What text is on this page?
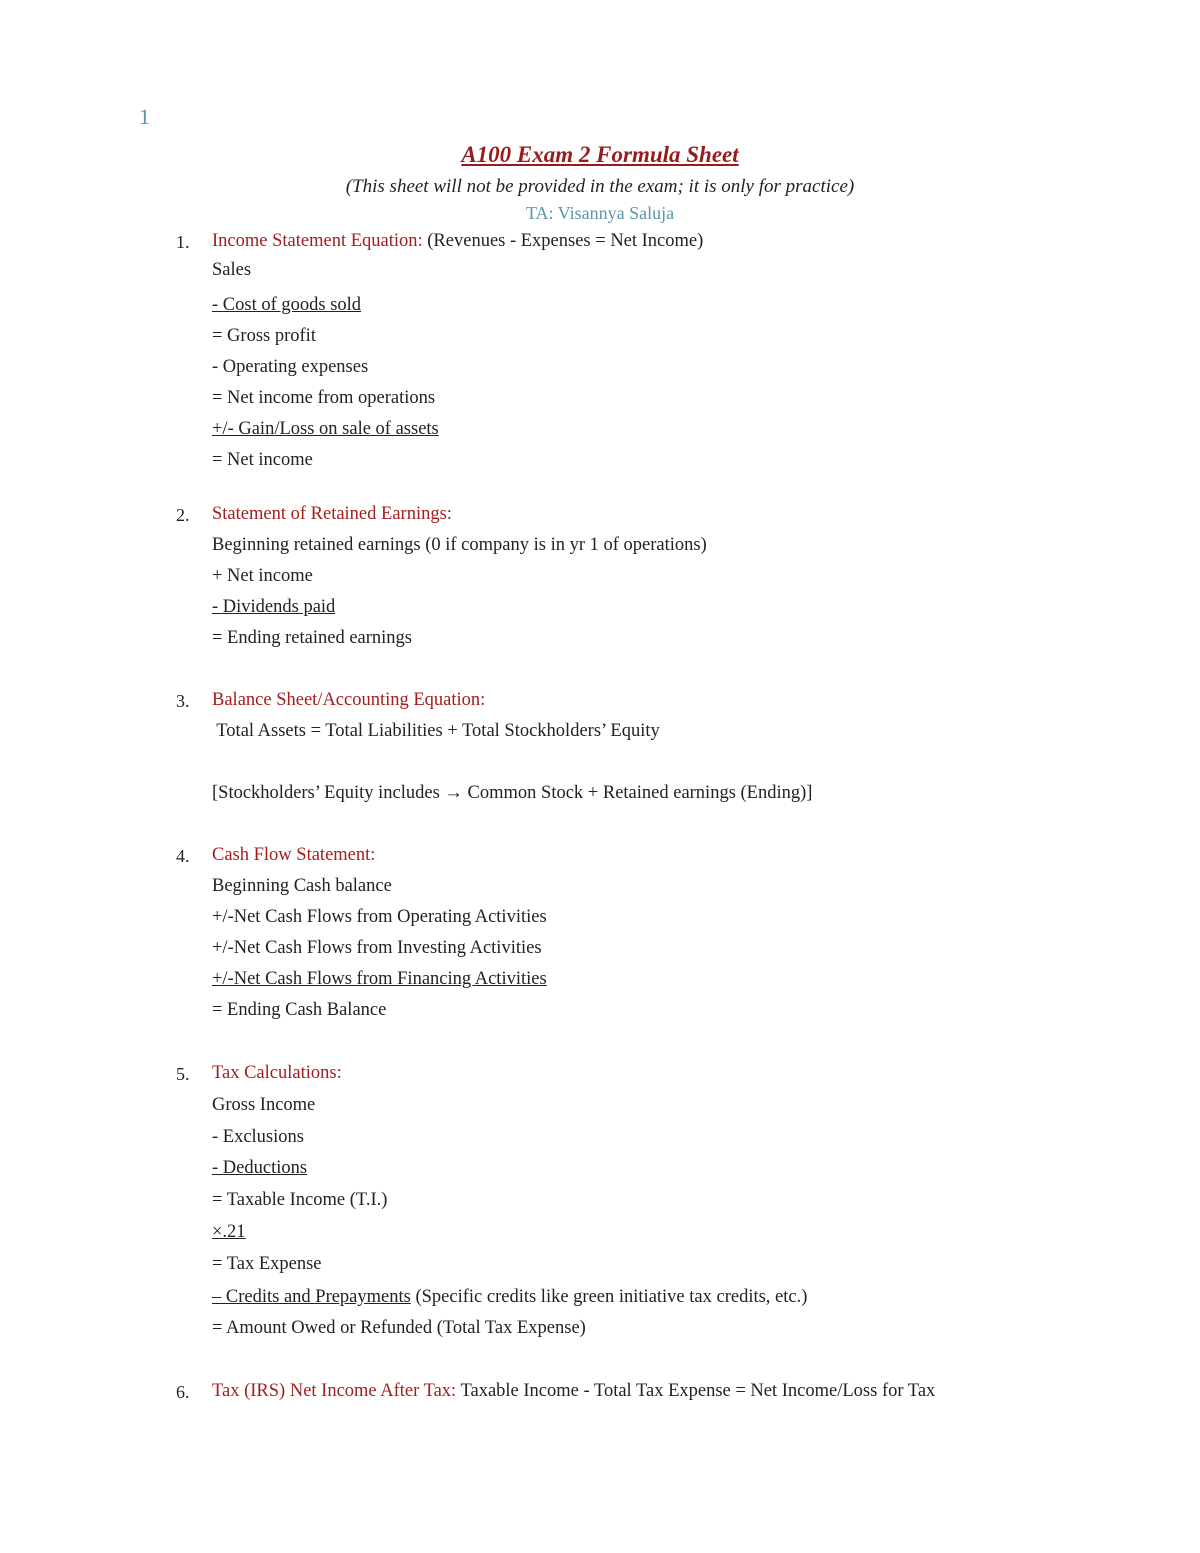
1
A100 Exam 2 Formula Sheet
(This sheet will not be provided in the exam; it is only for practice)
TA: Visannya Saluja
1. Income Statement Equation: (Revenues - Expenses = Net Income)
Sales
- Cost of goods sold
= Gross profit
- Operating expenses
= Net income from operations
+/- Gain/Loss on sale of assets
= Net income
2. Statement of Retained Earnings:
Beginning retained earnings (0 if company is in yr 1 of operations)
+ Net income
- Dividends paid
= Ending retained earnings
3. Balance Sheet/Accounting Equation:
Total Assets = Total Liabilities + Total Stockholders’ Equity
[Stockholders’ Equity includes → Common Stock + Retained earnings (Ending)]
4. Cash Flow Statement:
Beginning Cash balance
+/-Net Cash Flows from Operating Activities
+/-Net Cash Flows from Investing Activities
+/-Net Cash Flows from Financing Activities
= Ending Cash Balance
5. Tax Calculations:
Gross Income
- Exclusions
- Deductions
= Taxable Income (T.I.)
×.21
= Tax Expense
– Credits and Prepayments (Specific credits like green initiative tax credits, etc.)
= Amount Owed or Refunded (Total Tax Expense)
6. Tax (IRS) Net Income After Tax: Taxable Income - Total Tax Expense = Net Income/Loss for Tax
